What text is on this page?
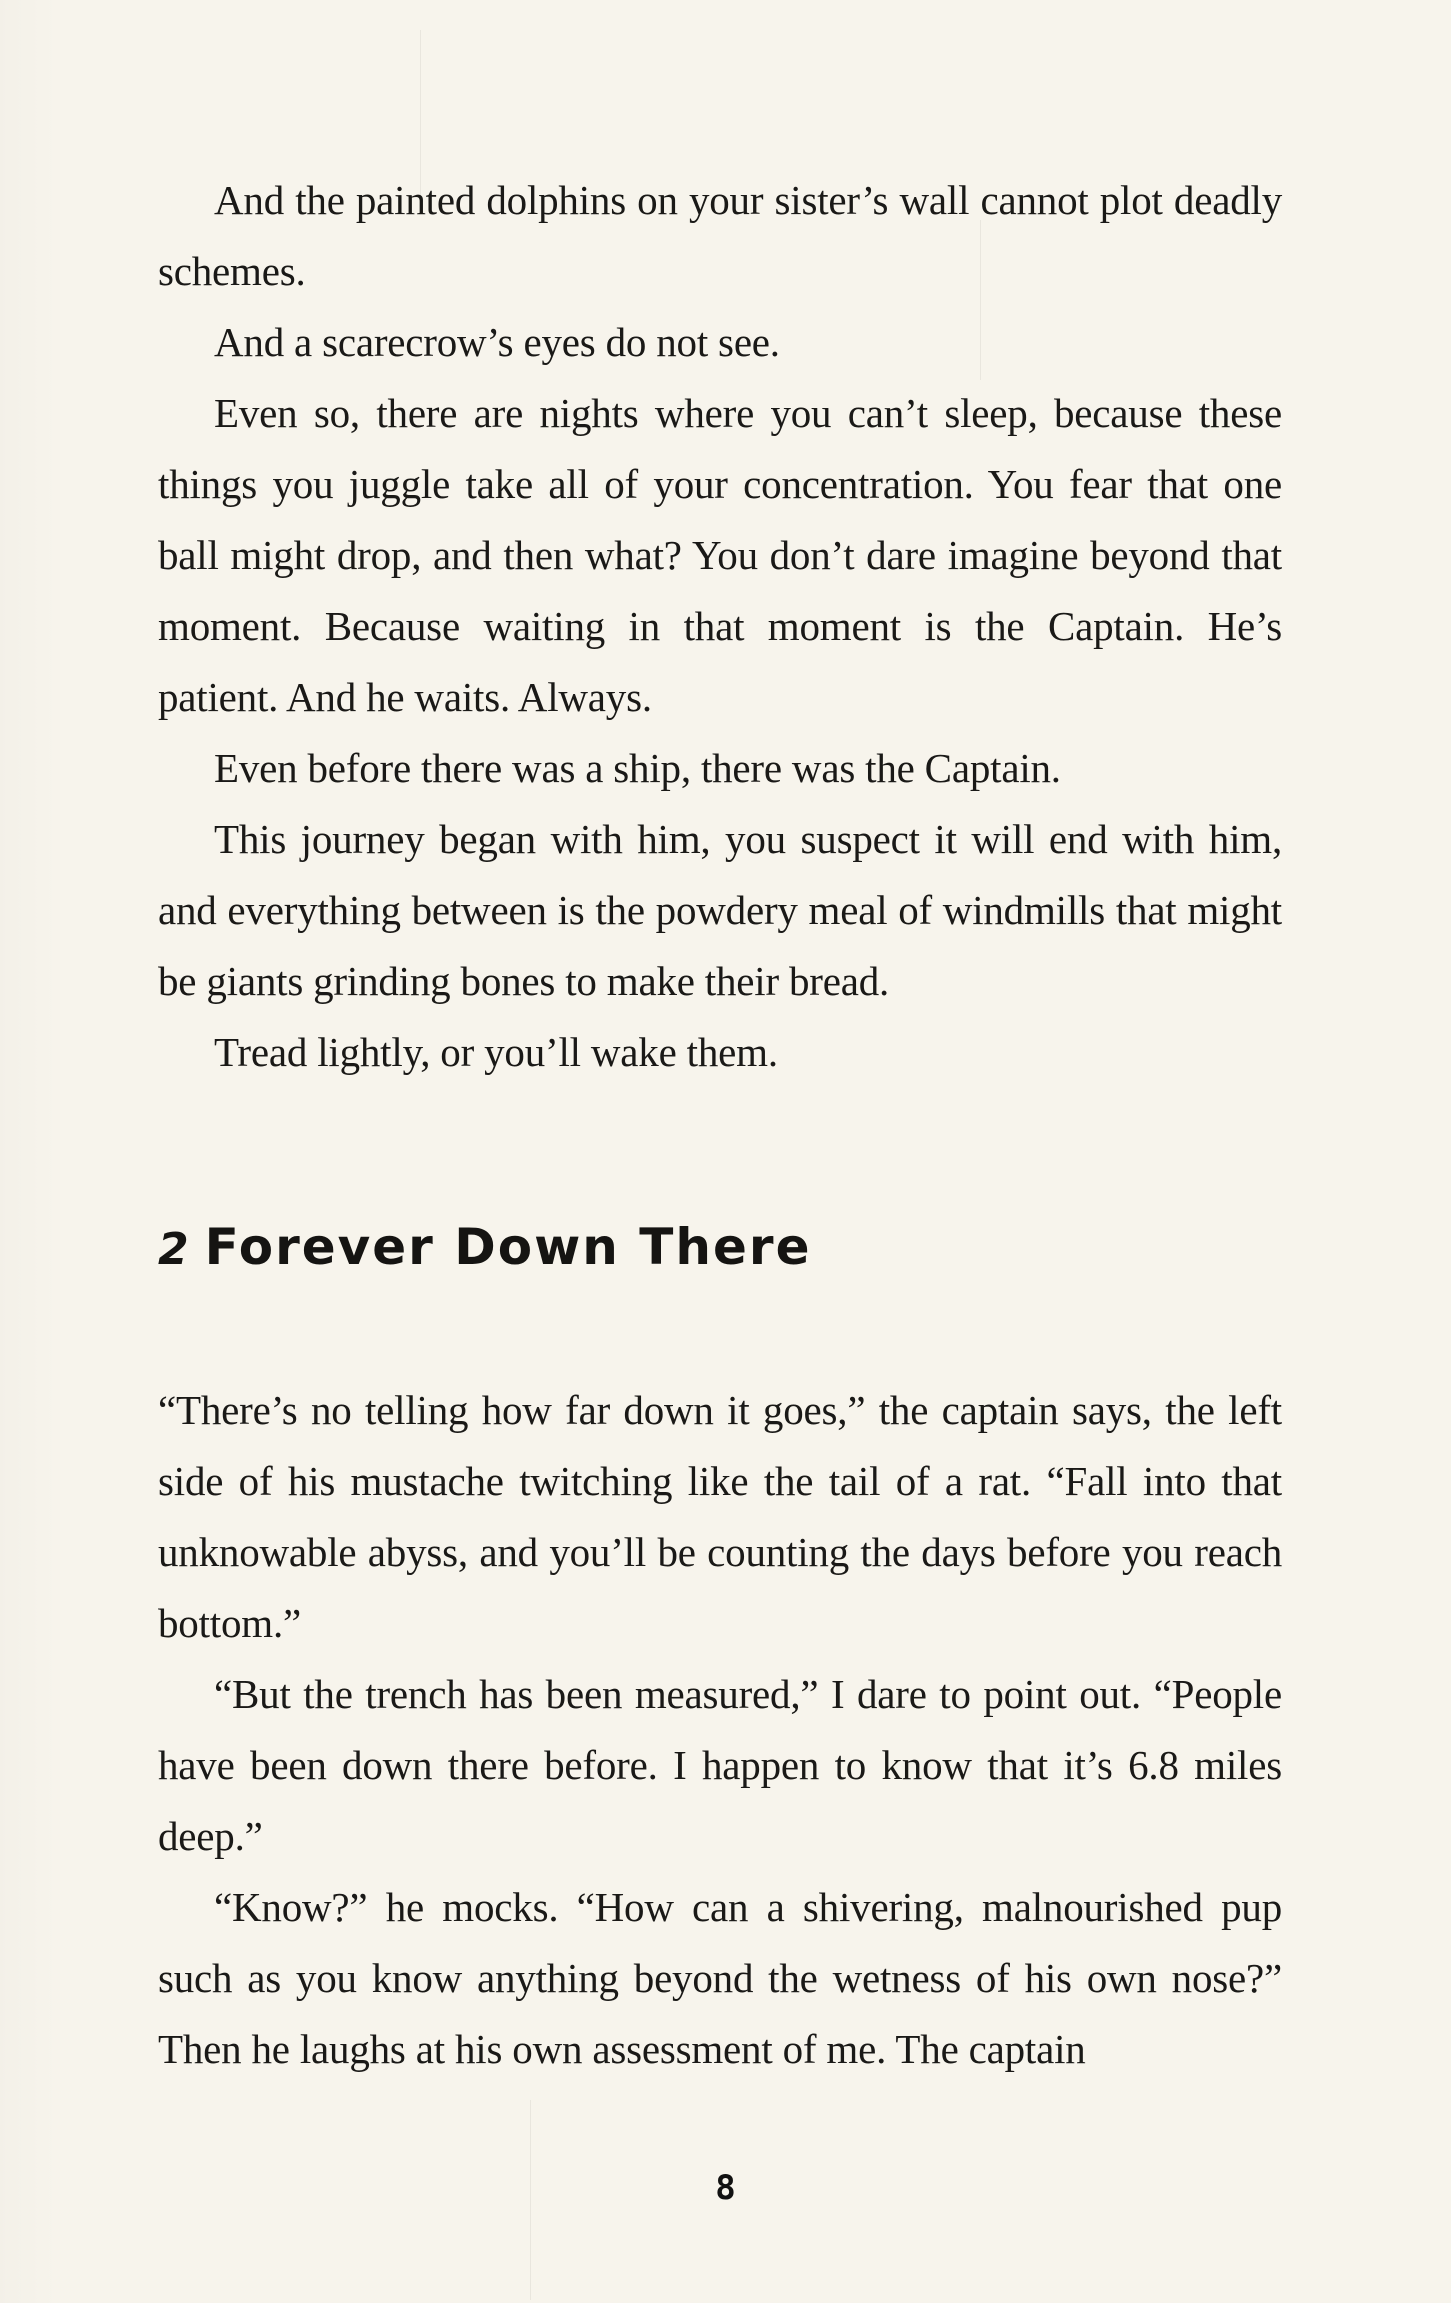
And the painted dolphins on your sister’s wall cannot plot deadly schemes.

And a scarecrow’s eyes do not see.

Even so, there are nights where you can’t sleep, because these things you juggle take all of your concentration. You fear that one ball might drop, and then what? You don’t dare imagine beyond that moment. Because waiting in that moment is the Captain. He’s patient. And he waits. Always.

Even before there was a ship, there was the Captain.

This journey began with him, you suspect it will end with him, and everything between is the powdery meal of windmills that might be giants grinding bones to make their bread.

Tread lightly, or you’ll wake them.

2 Forever Down There

“There’s no telling how far down it goes,” the captain says, the left side of his mustache twitching like the tail of a rat. “Fall into that unknowable abyss, and you’ll be counting the days before you reach bottom.”

“But the trench has been measured,” I dare to point out. “People have been down there before. I happen to know that it’s 6.8 miles deep.”

“Know?” he mocks. “How can a shivering, malnourished pup such as you know anything beyond the wetness of his own nose?” Then he laughs at his own assessment of me. The captain

8
